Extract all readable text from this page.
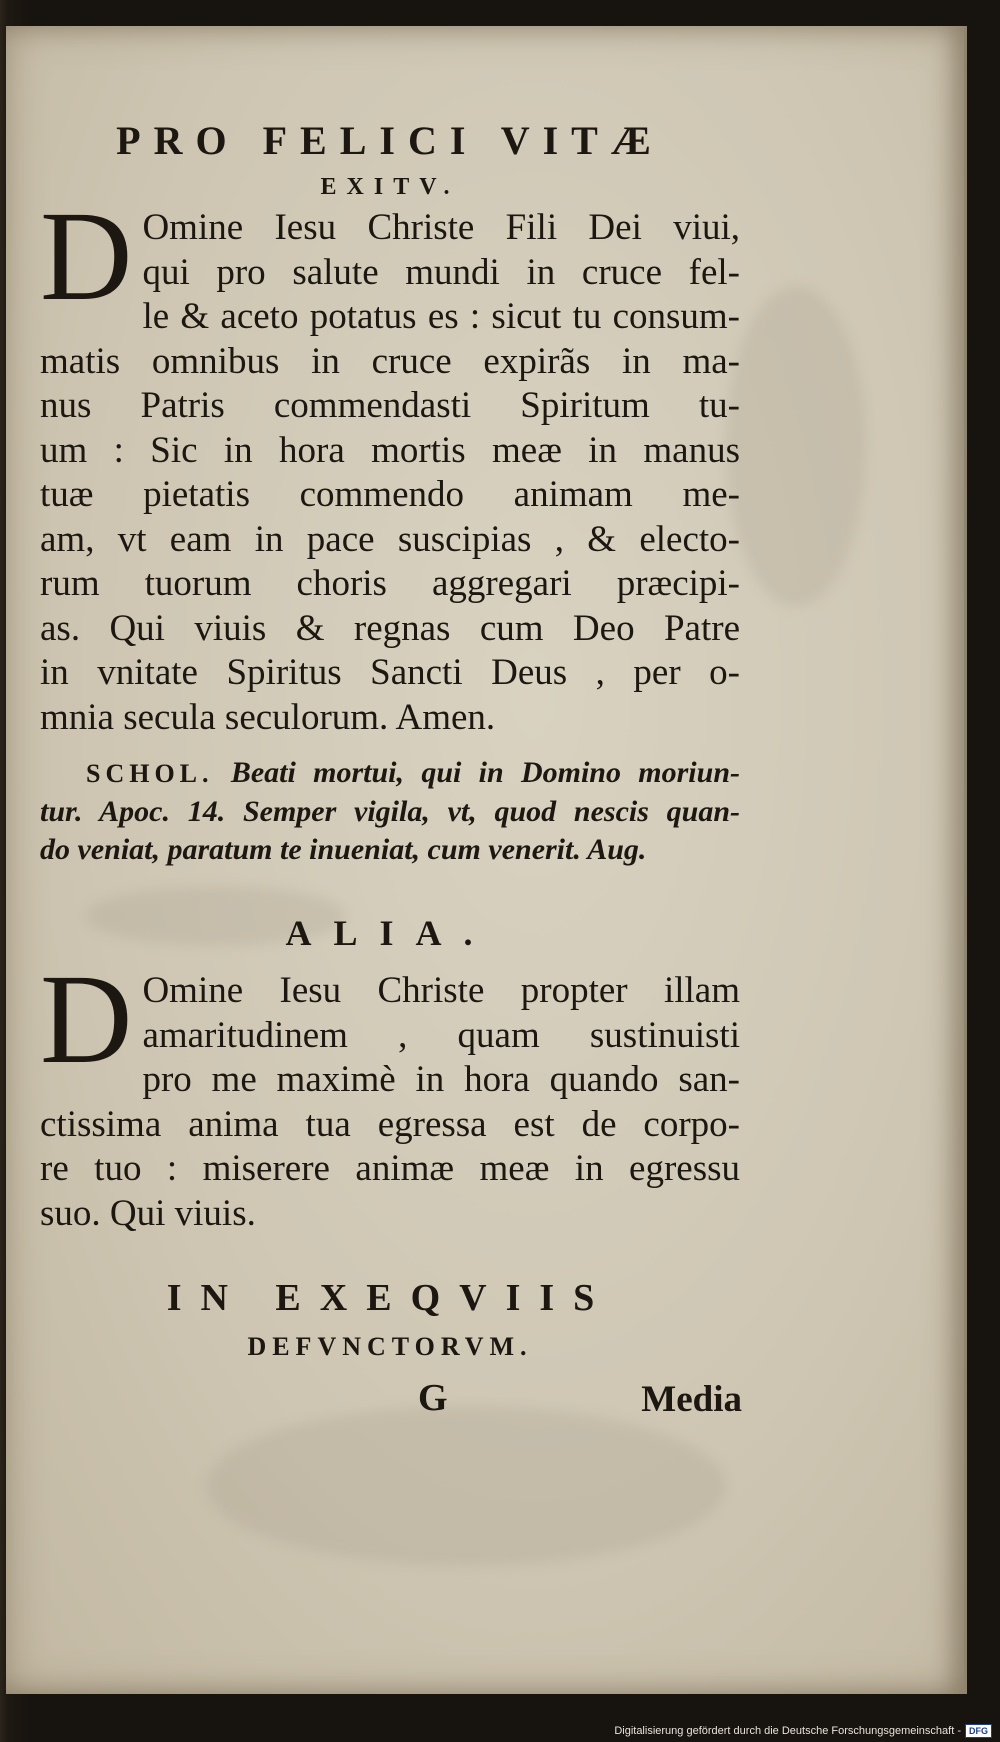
PRO FELICI VITÆ
EXITV.
D Omine Iesu Christe Fili Dei viui,
qui pro salute mundi in cruce fel-
le & aceto potatus es : sicut tu consum-
matis omnibus in cruce expirãs in ma-
nus Patris commendasti Spiritum tu-
um : Sic in hora mortis meæ in manus
tuæ pietatis commendo animam me-
am, vt eam in pace suscipias , & electo-
rum tuorum choris aggregari præcipi-
as. Qui viuis & regnas cum Deo Patre
in vnitate Spiritus Sancti Deus , per o-
mnia secula seculorum. Amen.
SCHOL. Beati mortui, qui in Domino moriun-
tur. Apoc. 14. Semper vigila, vt, quod nescis quan-
do veniat, paratum te inueniat, cum venerit. Aug.
ALIA.
D Omine Iesu Christe propter illam
amaritudinem , quam sustinuisti
pro me maximè in hora quando san-
ctissima anima tua egressa est de corpo-
re tuo : miserere animæ meæ in egressu
suo. Qui viuis.
IN EXEQVIIS
DEFVNCTORVM.
G	Media
Digitalisierung gefördert durch die Deutsche Forschungsgemeinschaft - DFG
